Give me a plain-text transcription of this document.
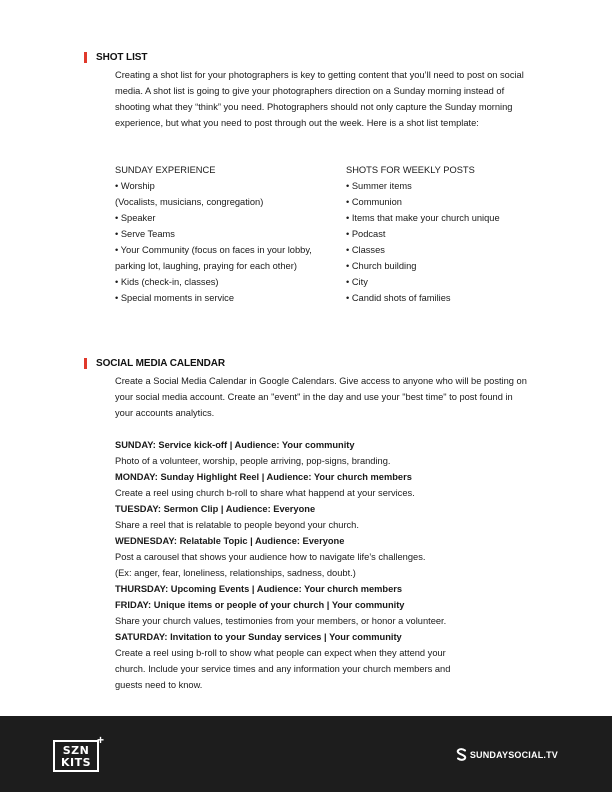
SHOT LIST

Creating a shot list for your photographers is key to getting content that you’ll need to post on social media. A shot list is going to give your photographers direction on a Sunday morning instead of shooting what they “think” you need. Photographers should not only capture the Sunday morning experience, but what you need to post through out the week. Here is a shot list template:

SUNDAY EXPERIENCE
• Worship
(Vocalists, musicians, congregation)
• Speaker
• Serve Teams
• Your Community (focus on faces in your lobby, parking lot, laughing, praying for each other)
• Kids (check-in, classes)
• Special moments in service
SHOTS FOR WEEKLY POSTS
• Summer items
• Communion
• Items that make your church unique
• Podcast
• Classes
• Church building
• City
• Candid shots of families
SOCIAL MEDIA CALENDAR

Create a Social Media Calendar in Google Calendars. Give access to anyone who will be posting on your social media account. Create an "event" in the day and use your "best time" to post found in your accounts analytics.

SUNDAY: Service kick-off | Audience: Your community
Photo of a volunteer, worship, people arriving, pop-signs, branding.
MONDAY: Sunday Highlight Reel | Audience: Your church members
Create a reel using church b-roll to share what happend at your services.
TUESDAY: Sermon Clip | Audience: Everyone
Share a reel that is relatable to people beyond your church.
WEDNESDAY: Relatable Topic | Audience: Everyone
Post a carousel that shows your audience how to navigate life’s challenges.
(Ex: anger, fear, loneliness, relationships, sadness, doubt.)
THURSDAY: Upcoming Events | Audience: Your church members
FRIDAY: Unique items or people of your church | Your community
Share your church values, testimonies from your members, or honor a volunteer.
SATURDAY: Invitation to your Sunday services | Your community
Create a reel using b-roll to show what people can expect when they attend your
church. Include your service times and any information your church members and
guests need to know.
SZN
KITS
+
SUNDAYSOCIAL.TV
